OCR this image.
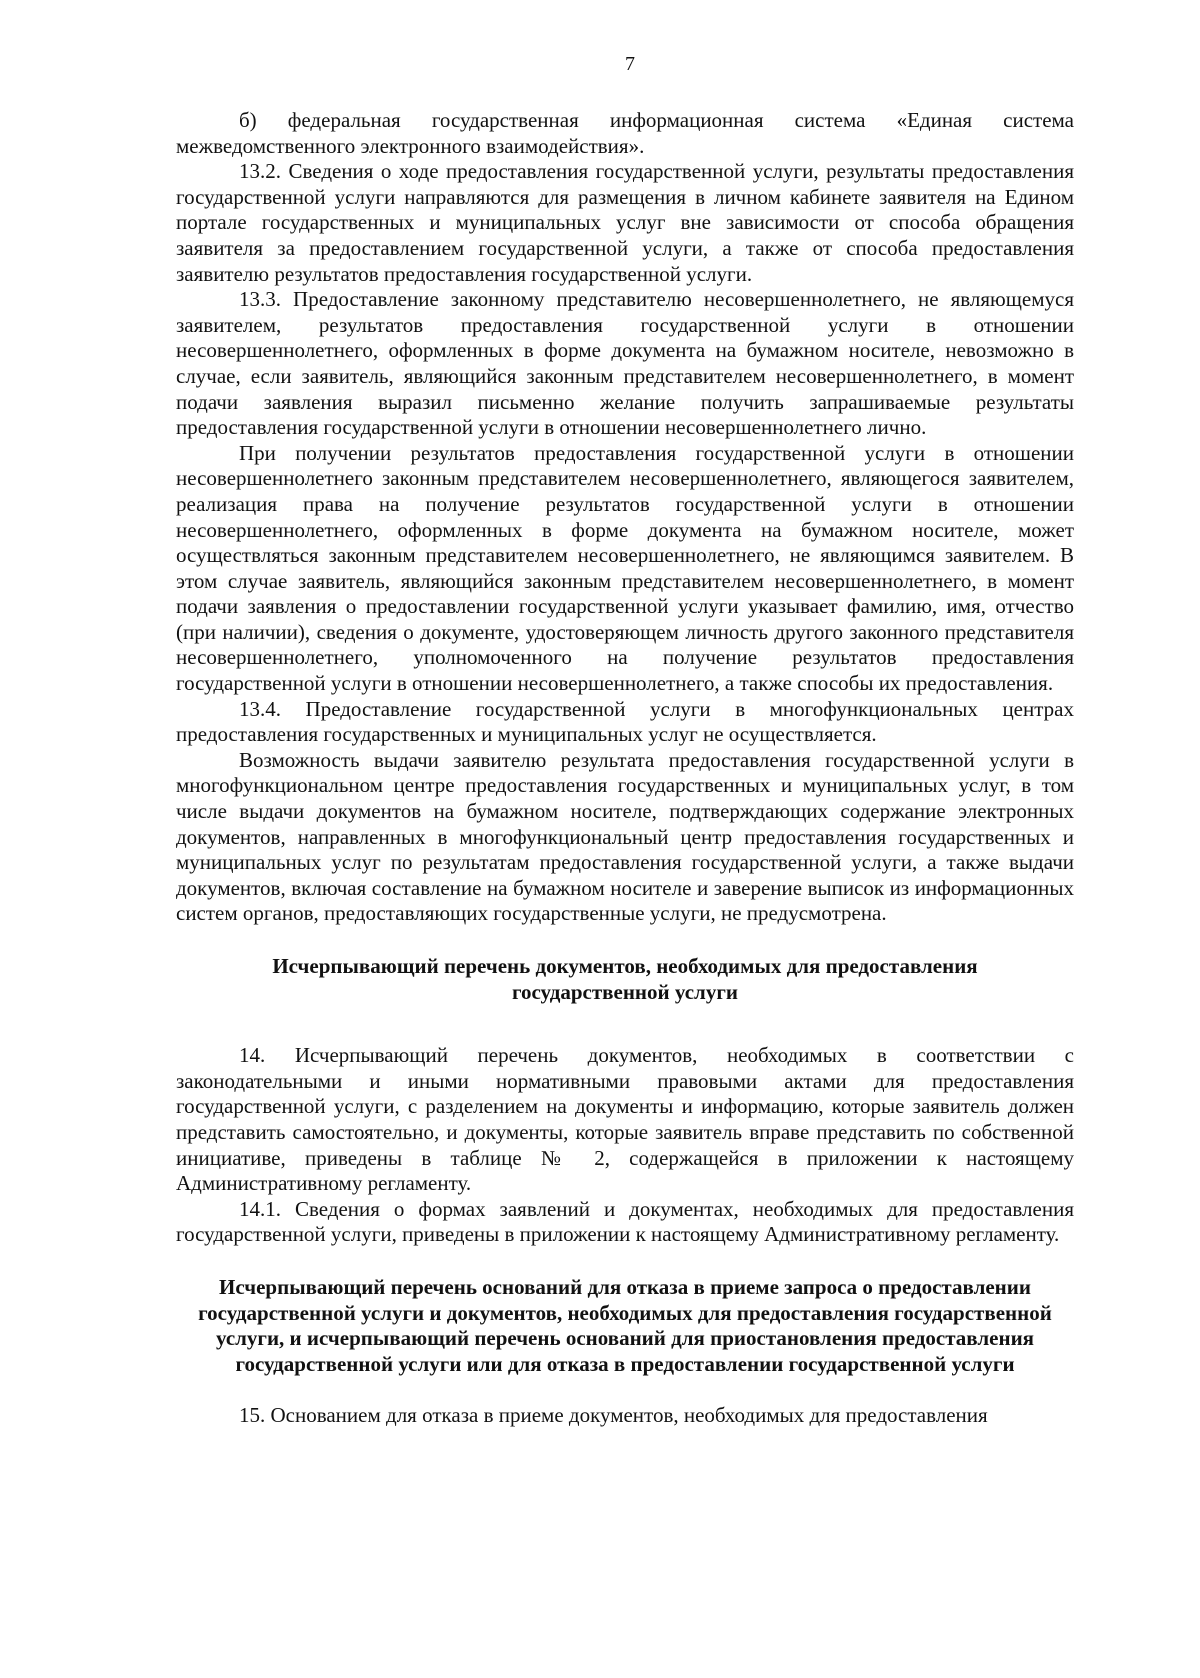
7

б) федеральная государственная информационная система «Единая система межведомственного электронного взаимодействия».

13.2. Сведения о ходе предоставления государственной услуги, результаты предоставления государственной услуги направляются для размещения в личном кабинете заявителя на Едином портале государственных и муниципальных услуг вне зависимости от способа обращения заявителя за предоставлением государственной услуги, а также от способа предоставления заявителю результатов предоставления государственной услуги.

13.3. Предоставление законному представителю несовершеннолетнего, не являющемуся заявителем, результатов предоставления государственной услуги в отношении несовершеннолетнего, оформленных в форме документа на бумажном носителе, невозможно в случае, если заявитель, являющийся законным представителем несовершеннолетнего, в момент подачи заявления выразил письменно желание получить запрашиваемые результаты предоставления государственной услуги в отношении несовершеннолетнего лично.

При получении результатов предоставления государственной услуги в отношении несовершеннолетнего законным представителем несовершеннолетнего, являющегося заявителем, реализация права на получение результатов государственной услуги в отношении несовершеннолетнего, оформленных в форме документа на бумажном носителе, может осуществляться законным представителем несовершеннолетнего, не являющимся заявителем. В этом случае заявитель, являющийся законным представителем несовершеннолетнего, в момент подачи заявления о предоставлении государственной услуги указывает фамилию, имя, отчество (при наличии), сведения о документе, удостоверяющем личность другого законного представителя несовершеннолетнего, уполномоченного на получение результатов предоставления государственной услуги в отношении несовершеннолетнего, а также способы их предоставления.

13.4. Предоставление государственной услуги в многофункциональных центрах предоставления государственных и муниципальных услуг не осуществляется.

Возможность выдачи заявителю результата предоставления государственной услуги в многофункциональном центре предоставления государственных и муниципальных услуг, в том числе выдачи документов на бумажном носителе, подтверждающих содержание электронных документов, направленных в многофункциональный центр предоставления государственных и муниципальных услуг по результатам предоставления государственной услуги, а также выдачи документов, включая составление на бумажном носителе и заверение выписок из информационных систем органов, предоставляющих государственные услуги, не предусмотрена.

Исчерпывающий перечень документов, необходимых для предоставления государственной услуги

14. Исчерпывающий перечень документов, необходимых в соответствии с законодательными и иными нормативными правовыми актами для предоставления государственной услуги, с разделением на документы и информацию, которые заявитель должен представить самостоятельно, и документы, которые заявитель вправе представить по собственной инициативе, приведены в таблице № 2, содержащейся в приложении к настоящему Административному регламенту.

14.1. Сведения о формах заявлений и документах, необходимых для предоставления государственной услуги, приведены в приложении к настоящему Административному регламенту.

Исчерпывающий перечень оснований для отказа в приеме запроса о предоставлении государственной услуги и документов, необходимых для предоставления государственной услуги, и исчерпывающий перечень оснований для приостановления предоставления государственной услуги или для отказа в предоставлении государственной услуги

15. Основанием для отказа в приеме документов, необходимых для предоставления
